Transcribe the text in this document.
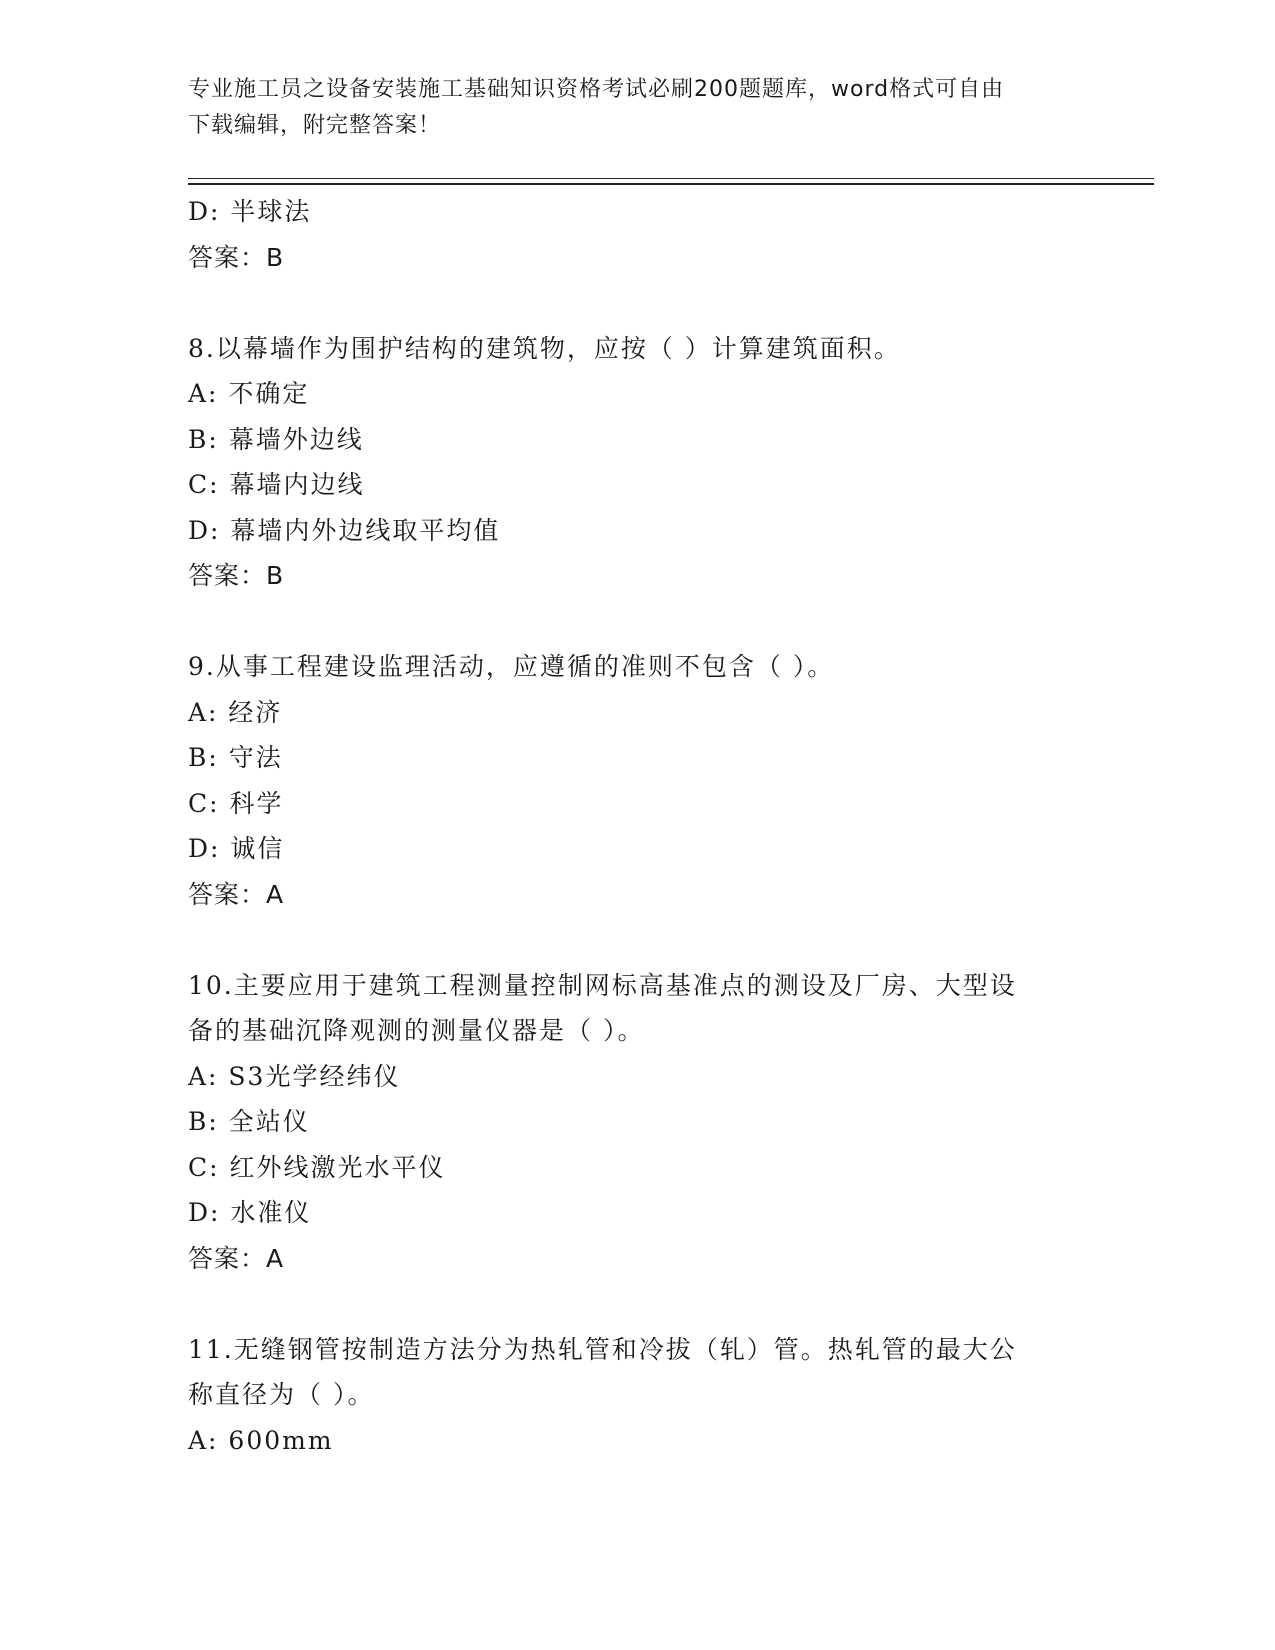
专业施工员之设备安装施工基础知识资格考试必刷200题题库，word格式可自由
下载编辑，附完整答案！
D: 半球法
答案：B
8.以幕墙作为围护结构的建筑物，应按（ ）计算建筑面积。
A: 不确定
B: 幕墙外边线
C: 幕墙内边线
D: 幕墙内外边线取平均值
答案：B
9.从事工程建设监理活动，应遵循的准则不包含（ ）。
A: 经济
B: 守法
C: 科学
D: 诚信
答案：A
10.主要应用于建筑工程测量控制网标高基准点的测设及厂房、大型设
备的基础沉降观测的测量仪器是（ ）。
A: S3光学经纬仪
B: 全站仪
C: 红外线激光水平仪
D: 水准仪
答案：A
11.无缝钢管按制造方法分为热轧管和冷拔（轧）管。热轧管的最大公
称直径为（ ）。
A: 600mm
